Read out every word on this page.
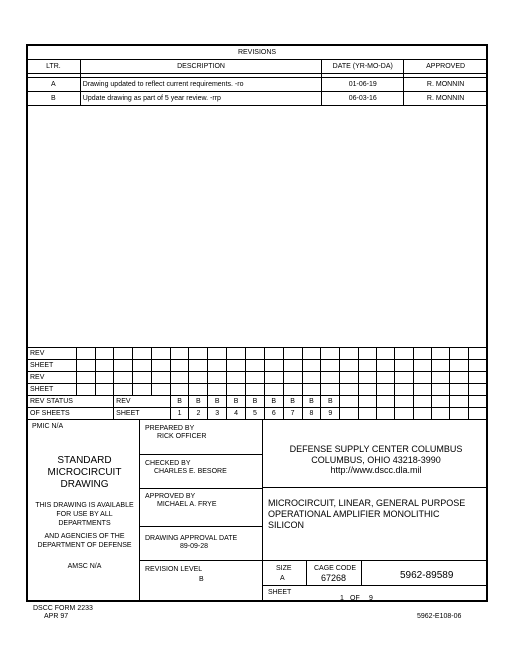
REVISIONS			
LTR.	DESCRIPTION	DATE (YR-MO-DA)	APPROVED

A	Drawing updated to reflect current requirements. -ro	01-06-19	R. MONNIN
B	Update drawing as part of 5 year review. -rrp	06-03-16	R. MONNIN
REV																						
SHEET																						
REV																						
SHEET																						
REV STATUS			REV			B	B	B	B	B	B	B	B	B								
OF SHEETS			SHEET			1	2	3	4	5	6	7	8	9								
PMIC N/A
STANDARD
MICROCIRCUIT
DRAWING
THIS DRAWING IS AVAILABLE
FOR USE BY ALL
DEPARTMENTS
AND AGENCIES OF THE
DEPARTMENT OF DEFENSE
AMSC N/A
PREPARED BY
RICK OFFICER
CHECKED BY
CHARLES E. BESORE
APPROVED BY
MICHAEL A. FRYE
DRAWING APPROVAL DATE
89-09-28
REVISION LEVEL
B
DEFENSE SUPPLY CENTER COLUMBUS
COLUMBUS, OHIO 43218-3990
http://www.dscc.dla.mil
MICROCIRCUIT, LINEAR, GENERAL PURPOSE
OPERATIONAL AMPLIFIER MONOLITHIC
SILICON
SIZE
A
CAGE CODE
67268	5962-89589
SHEET
1 OF 9
DSCC FORM 2233
APR 97	5962-E108-06
